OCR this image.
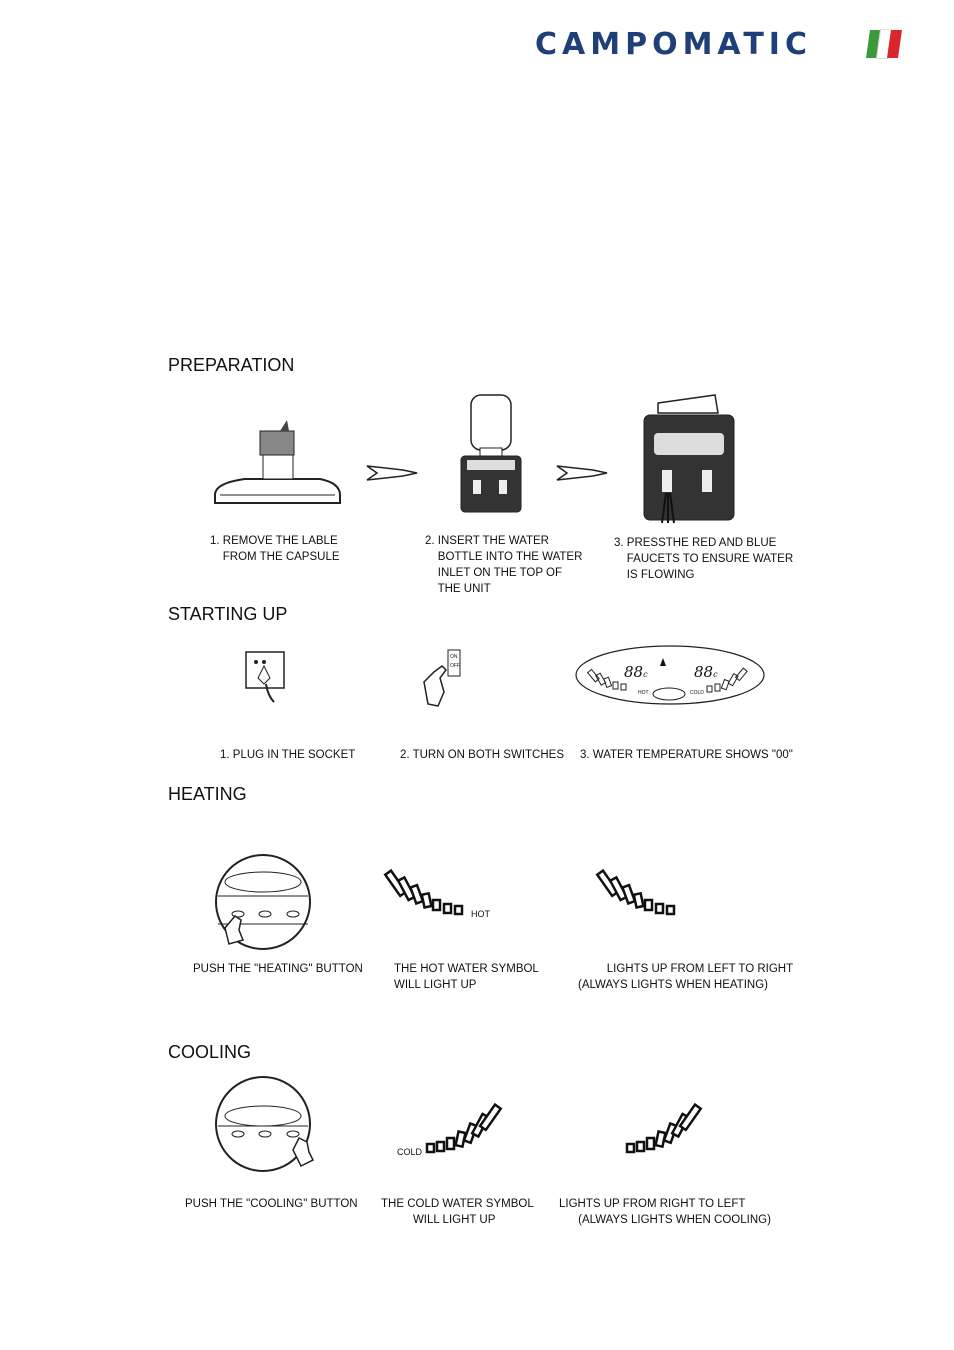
CAMPOMATIC
PREPARATION
1. REMOVE THE LABLE
FROM THE CAPSULE
2. INSERT THE WATER
BOTTLE INTO THE WATER
INLET ON THE TOP OF
THE UNIT
3. PRESSTHE RED AND BLUE
FAUCETS TO ENSURE WATER
IS FLOWING
STARTING UP
ON
OFF	88c	88c
HOT	COLD
1. PLUG IN THE SOCKET	2. TURN ON BOTH SWITCHES 3. WATER TEMPERATURE SHOWS "00"
HEATING
HOT
PUSH THE "HEATING" BUTTON	THE HOT WATER SYMBOL
WILL LIGHT UP
LIGHTS UP FROM LEFT TO RIGHT
(ALWAYS LIGHTS WHEN HEATING)
COOLING
COLD
PUSH THE "COOLING" BUTTON THE COLD WATER SYMBOL
WILL LIGHT UP
LIGHTS UP FROM RIGHT TO LEFT
(ALWAYS LIGHTS WHEN COOLING)
